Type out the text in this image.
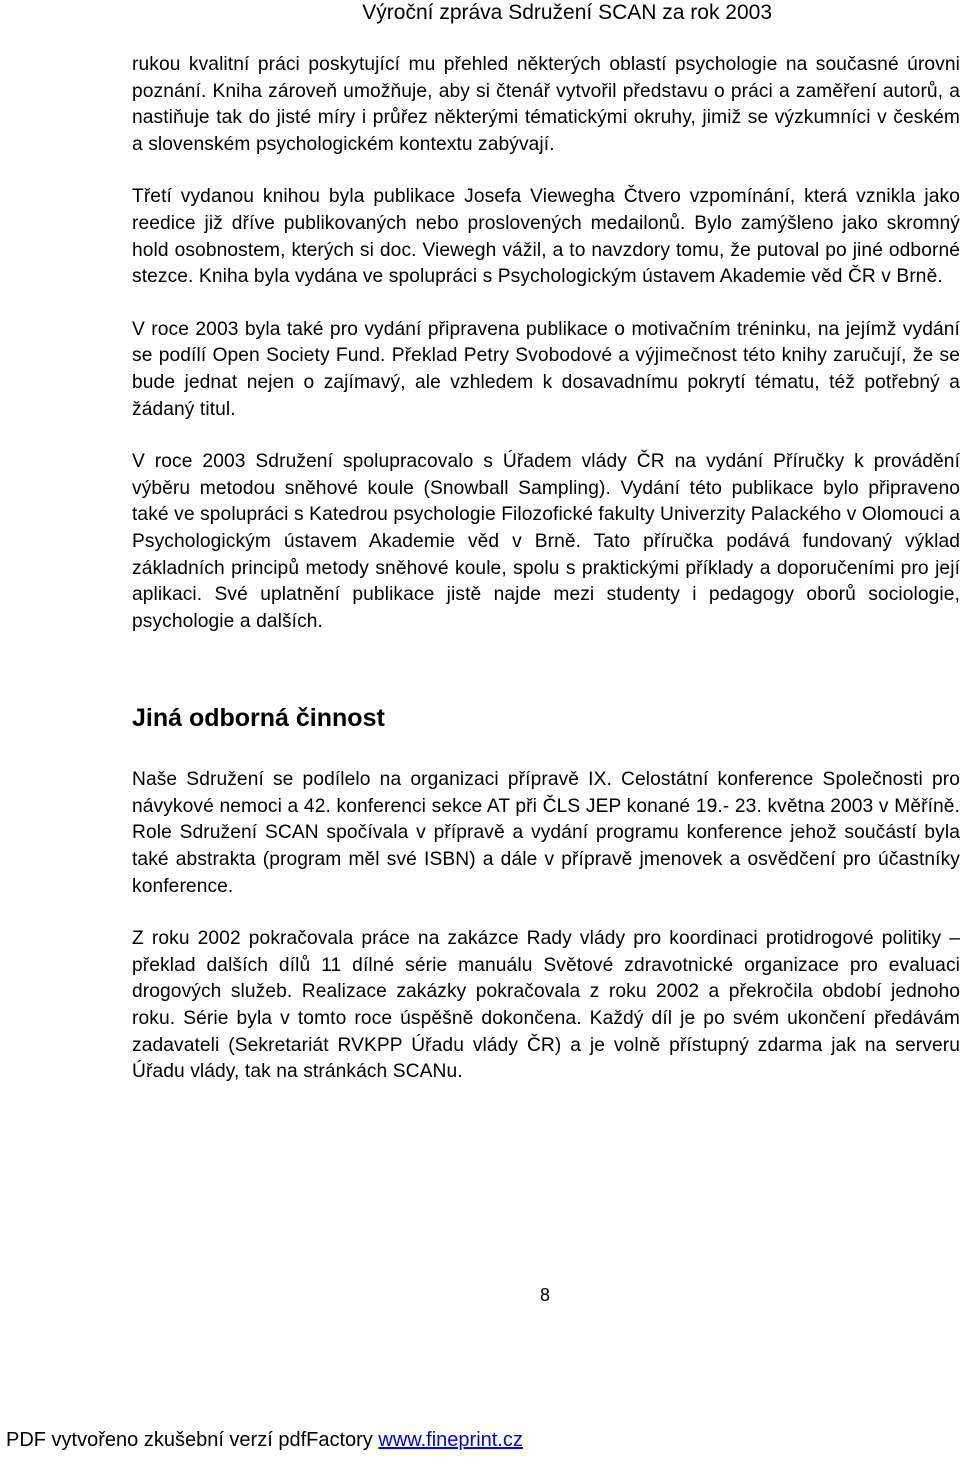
Výroční zpráva Sdružení SCAN za rok 2003

rukou kvalitní práci poskytující mu přehled některých oblastí psychologie na současné úrovni poznání. Kniha zároveň umožňuje, aby si čtenář vytvořil představu o práci a zaměření autorů, a nastiňuje tak do jisté míry i průřez některými tématickými okruhy, jimiž se výzkumníci v českém a slovenském psychologickém kontextu zabývají.

Třetí vydanou knihou byla publikace Josefa Viewegha Čtvero vzpomínání, která vznikla jako reedice již dříve publikovaných nebo proslovených medailonů. Bylo zamýšleno jako skromný hold osobnostem, kterých si doc. Viewegh vážil, a to navzdory tomu, že putoval po jiné odborné stezce. Kniha byla vydána ve spolupráci s Psychologickým ústavem Akademie věd ČR v Brně.

V roce 2003 byla také pro vydání připravena publikace o motivačním tréninku, na jejímž vydání se podílí Open Society Fund. Překlad Petry Svobodové a výjimečnost této knihy zaručují, že se bude jednat nejen o zajímavý, ale vzhledem k dosavadnímu pokrytí tématu, též potřebný a žádaný titul.

V roce 2003 Sdružení spolupracovalo s Úřadem vlády ČR na vydání Příručky k provádění výběru metodou sněhové koule (Snowball Sampling). Vydání této publikace bylo připraveno také ve spolupráci s Katedrou psychologie Filozofické fakulty Univerzity Palackého v Olomouci a Psychologickým ústavem Akademie věd v Brně. Tato příručka podává fundovaný výklad základních principů metody sněhové koule, spolu s praktickými příklady a doporučeními pro její aplikaci. Své uplatnění publikace jistě najde mezi studenty i pedagogy oborů sociologie, psychologie a dalších.

Jiná odborná činnost

Naše Sdružení se podílelo na organizaci přípravě IX. Celostátní konference Společnosti pro návykové nemoci a 42. konferenci sekce AT při ČLS JEP konané 19.- 23. května 2003 v Měříně. Role Sdružení SCAN spočívala v přípravě a vydání programu konference jehož součástí byla také abstrakta (program měl své ISBN) a dále v přípravě jmenovek a osvědčení pro účastníky konference.

Z roku 2002 pokračovala práce na zakázce Rady vlády pro koordinaci protidrogové politiky – překlad dalších dílů 11 dílné série manuálu Světové zdravotnické organizace pro evaluaci drogových služeb. Realizace zakázky pokračovala z roku 2002 a překročila období jednoho roku. Série byla v tomto roce úspěšně dokončena. Každý díl je po svém ukončení předávám zadavateli (Sekretariát RVKPP Úřadu vlády ČR) a je volně přístupný zdarma jak na serveru Úřadu vlády, tak na stránkách SCANu.

8
PDF vytvořeno zkušební verzí pdfFactory www.fineprint.cz
